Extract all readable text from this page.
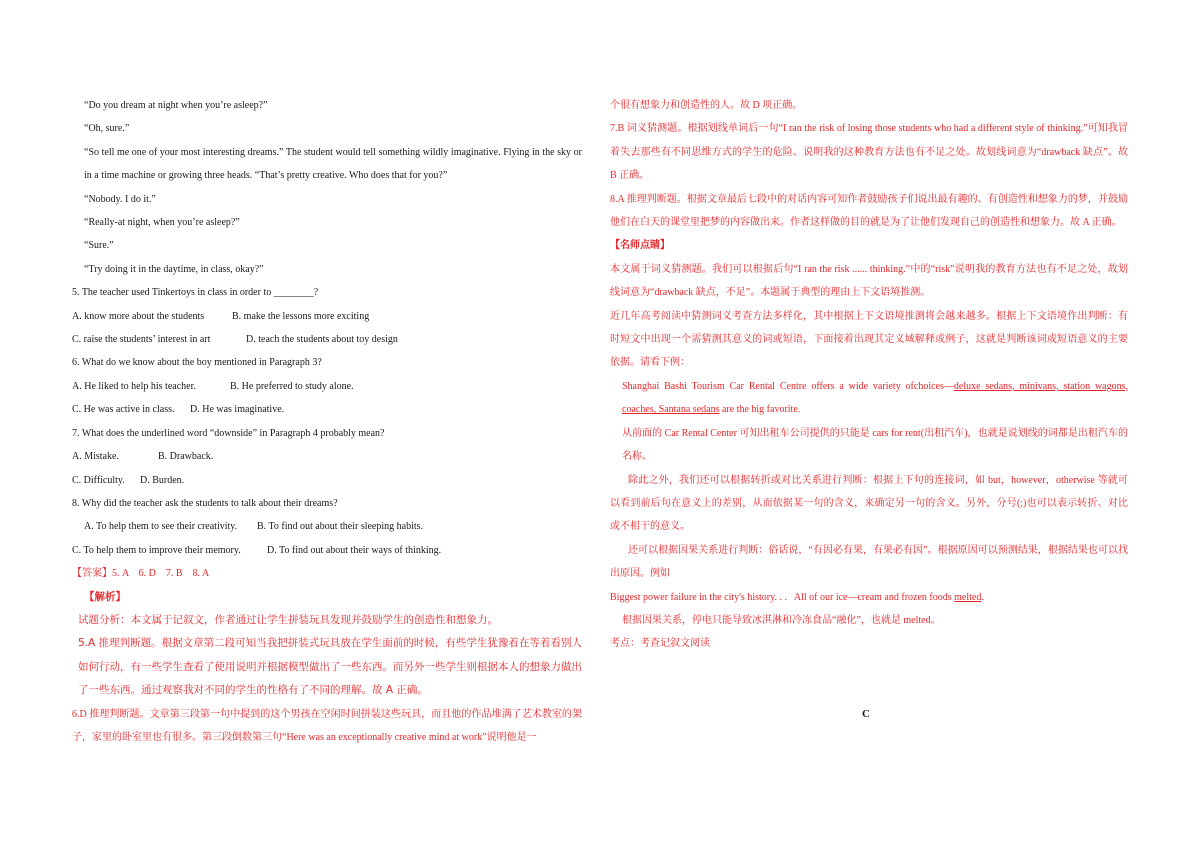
“Do you dream at night when you’re asleep?”
“Oh, sure.”
“So tell me one of your most interesting dreams.” The student would tell something wildly imaginative. Flying in the sky or in a time machine or growing three heads. “That’s pretty creative. Who does that for you?”
“Nobody. I do it.”
“Really-at night, when you’re asleep?”
“Sure.”
“Try doing it in the daytime, in class, okay?”
5. The teacher used Tinkertoys in class in order to ________?
A. know more about the students	B. make the lessons more exciting
C. raise the students’ interest in art	D. teach the students about toy design
6. What do we know about the boy mentioned in Paragraph 3?
A. He liked to help his teacher.	B. He preferred to study alone.
C. He was active in class. D. He was imaginative.
7. What does the underlined word “downside” in Paragraph 4 probably mean?
A. Mistake.	B. Drawback.
C. Difficulty. D. Burden.
8. Why did the teacher ask the students to talk about their dreams?
A. To help them to see their creativity. B. To find out about their sleeping habits.
C. To help them to improve their memory.	D. To find out about their ways of thinking.
【答案】5. A    6. D    7. B    8. A
【解析】
试题分析：本文属于记叙文，作者通过让学生拼装玩具发现并鼓励学生的创造性和想象力。
5.A 推理判断题。根据文章第二段可知当我把拼装式玩具放在学生面前的时候，有些学生犹豫着在等着看别人如何行动，有一些学生查看了使用说明并根据模型做出了一些东西。而另外一些学生则根据本人的想象力做出了一些东西。通过观察我对不同的学生的性格有了不同的理解。故 A 正确。
6.D 推理判断题。文章第三段第一句中提到的这个男孩在空闲时间拼装这些玩具，而且他的作品堆满了艺术教室的架子，家里的卧室里也有很多。第三段倒数第三句“Here was an exceptionally creative mind at work”说明他是一
个很有想象力和创造性的人。故 D 项正确。
7.B 词义猜测题。根据划线单词后一句“I ran the risk of losing those students who had a different style of thinking.”可知我冒着失去那些有不同思维方式的学生的危险。说明我的这种教育方法也有不足之处。故划线词意为“drawback 缺点”。故 B 正确。
8.A 推理判断题。根据文章最后七段中的对话内容可知作者鼓励孩子们说出最有趣的、有创造性和想象力的梦，并鼓励他们在白天的课堂里把梦的内容做出来。作者这样做的目的就是为了让他们发现自己的创造性和想象力。故 A 正确。
【名师点睛】
本文属于词义猜测题。我们可以根据后句“I ran the risk ...... thinking.”中的“risk”说明我的教育方法也有不足之处，故划线词意为“drawback 缺点，不足”。本题属于典型的理由上下文语境推测。
近几年高考阅读中猜测词义考查方法多样化，其中根据上下文语境推测将会越来越多。根据上下文语境作出判断：有时短文中出现一个需猜测其意义的词或短语，下面接着出现其定义域解释或例子，这就是判断该词或短语意义的主要依据。请看下例：
Shanghai Bashi Tourism Car Rental Centre offers a wide variety ofchoices—deluxe sedans, minivans, station wagons, coaches, Santana sedans are the big favorite.
从前面的 Car Rental Center 可知出租车公司提供的只能是 cars for rent(出租汽车)，也就是说划线的词都是出租汽车的名称。
除此之外，我们还可以根据转折或对比关系进行判断：根据上下句的连接词，如 but，however，otherwise 等就可以看到前后句在意义上的差别，从而依据某一句的含义，来确定另一句的含义。另外，分号(;)也可以表示转折、对比或不相干的意义。
还可以根据因果关系进行判断：俗话说，“有因必有果，有果必有因”。根据原因可以预测结果，根据结果也可以找出原因。例如
Biggest power failure in the city's history. . .   All of our ice—cream and frozen foods melted.
根据因果关系，停电只能导致冰淇淋和冷冻食品“融化”，也就是 melted。
考点：考查记叙文阅读
C
